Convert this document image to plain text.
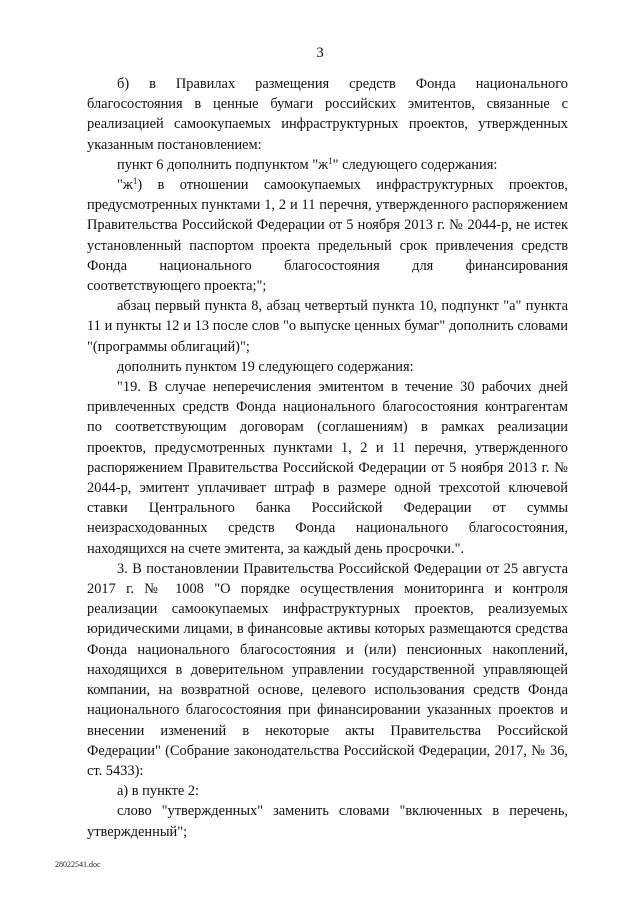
3

б) в Правилах размещения средств Фонда национального благосостояния в ценные бумаги российских эмитентов, связанные с реализацией самоокупаемых инфраструктурных проектов, утвержденных указанным постановлением:

пункт 6 дополнить подпунктом "$ж^1$" следующего содержания:

"$ж^1$) в отношении самоокупаемых инфраструктурных проектов, предусмотренных пунктами 1, 2 и 11 перечня, утвержденного распоряжением Правительства Российской Федерации от 5 ноября 2013 г. № 2044-р, не истек установленный паспортом проекта предельный срок привлечения средств Фонда национального благосостояния для финансирования соответствующего проекта;";

абзац первый пункта 8, абзац четвертый пункта 10, подпункт "а" пункта 11 и пункты 12 и 13 после слов "о выпуске ценных бумаг" дополнить словами "(программы облигаций)";

дополнить пунктом 19 следующего содержания:

"19. В случае неперечисления эмитентом в течение 30 рабочих дней привлеченных средств Фонда национального благосостояния контрагентам по соответствующим договорам (соглашениям) в рамках реализации проектов, предусмотренных пунктами 1, 2 и 11 перечня, утвержденного распоряжением Правительства Российской Федерации от 5 ноября 2013 г. № 2044-р, эмитент уплачивает штраф в размере одной трехсотой ключевой ставки Центрального банка Российской Федерации от суммы неизрасходованных средств Фонда национального благосостояния, находящихся на счете эмитента, за каждый день просрочки.".

3. В постановлении Правительства Российской Федерации от 25 августа 2017 г. № 1008 "О порядке осуществления мониторинга и контроля реализации самоокупаемых инфраструктурных проектов, реализуемых юридическими лицами, в финансовые активы которых размещаются средства Фонда национального благосостояния и (или) пенсионных накоплений, находящихся в доверительном управлении государственной управляющей компании, на возвратной основе, целевого использования средств Фонда национального благосостояния при финансировании указанных проектов и внесении изменений в некоторые акты Правительства Российской Федерации" (Собрание законодательства Российской Федерации, 2017, № 36, ст. 5433):

а) в пункте 2:

слово "утвержденных" заменить словами "включенных в перечень, утвержденный";

28022541.doc
